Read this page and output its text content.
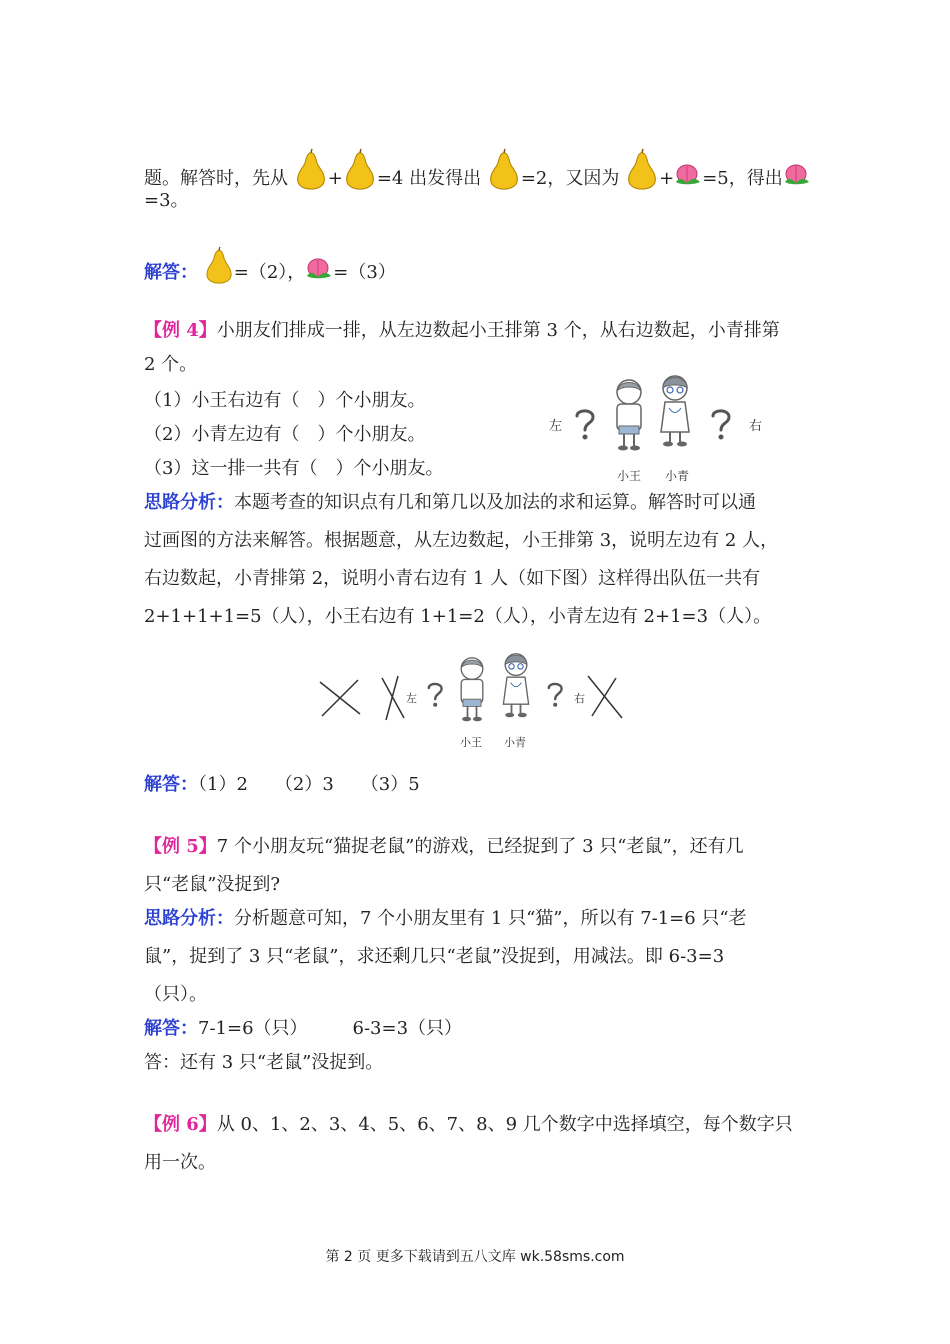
题。解答时，先从 + =4 出发得出 =2，又因为 + =5，得出
=3。
解答： =（2）， =（3）
【例 4】小朋友们排成一排，从左边数起小王排第 3 个，从右边数起，小青排第
2 个。
（1）小王右边有（　）个小朋友。
（2）小青左边有（　）个小朋友。
（3）这一排一共有（　）个小朋友。
左	右
小王 小青
思路分析：本题考查的知识点有几和第几以及加法的求和运算。解答时可以通
过画图的方法来解答。根据题意，从左边数起，小王排第 3，说明左边有 2 人，
右边数起，小青排第 2，说明小青右边有 1 人（如下图）这样得出队伍一共有
2+1+1+1=5（人），小王右边有 1+1=2（人），小青左边有 2+1=3（人）。
左	右
小王 小青
解答：（1）2　　（2）3　　（3）5
【例 5】7 个小朋友玩“猫捉老鼠”的游戏，已经捉到了 3 只“老鼠”，还有几
只“老鼠”没捉到?
思路分析：分析题意可知，7 个小朋友里有 1 只“猫”，所以有 7-1=6 只“老
鼠”，捉到了 3 只“老鼠”，求还剩几只“老鼠”没捉到，用减法。即 6-3=3
（只）。
解答：7-1=6（只）　　　6-3=3（只）
答：还有 3 只“老鼠”没捉到。
【例 6】从 0、1、2、3、4、5、6、7、8、9 几个数字中选择填空，每个数字只
用一次。
第 2 页 更多下载请到五八文库 wk.58sms.com
